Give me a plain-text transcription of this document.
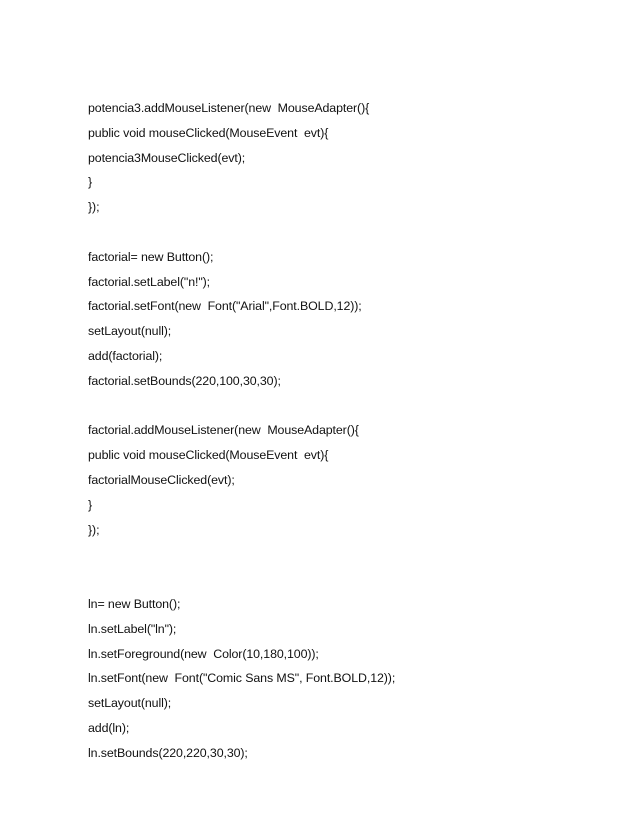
potencia3.addMouseListener(new  MouseAdapter(){
public void mouseClicked(MouseEvent  evt){
potencia3MouseClicked(evt);
}
});
factorial= new Button();
factorial.setLabel("n!");
factorial.setFont(new  Font("Arial",Font.BOLD,12));
setLayout(null);
add(factorial);
factorial.setBounds(220,100,30,30);
factorial.addMouseListener(new  MouseAdapter(){
public void mouseClicked(MouseEvent  evt){
factorialMouseClicked(evt);
}
});
ln= new Button();
ln.setLabel("ln");
ln.setForeground(new  Color(10,180,100));
ln.setFont(new  Font("Comic Sans MS", Font.BOLD,12));
setLayout(null);
add(ln);
ln.setBounds(220,220,30,30);
